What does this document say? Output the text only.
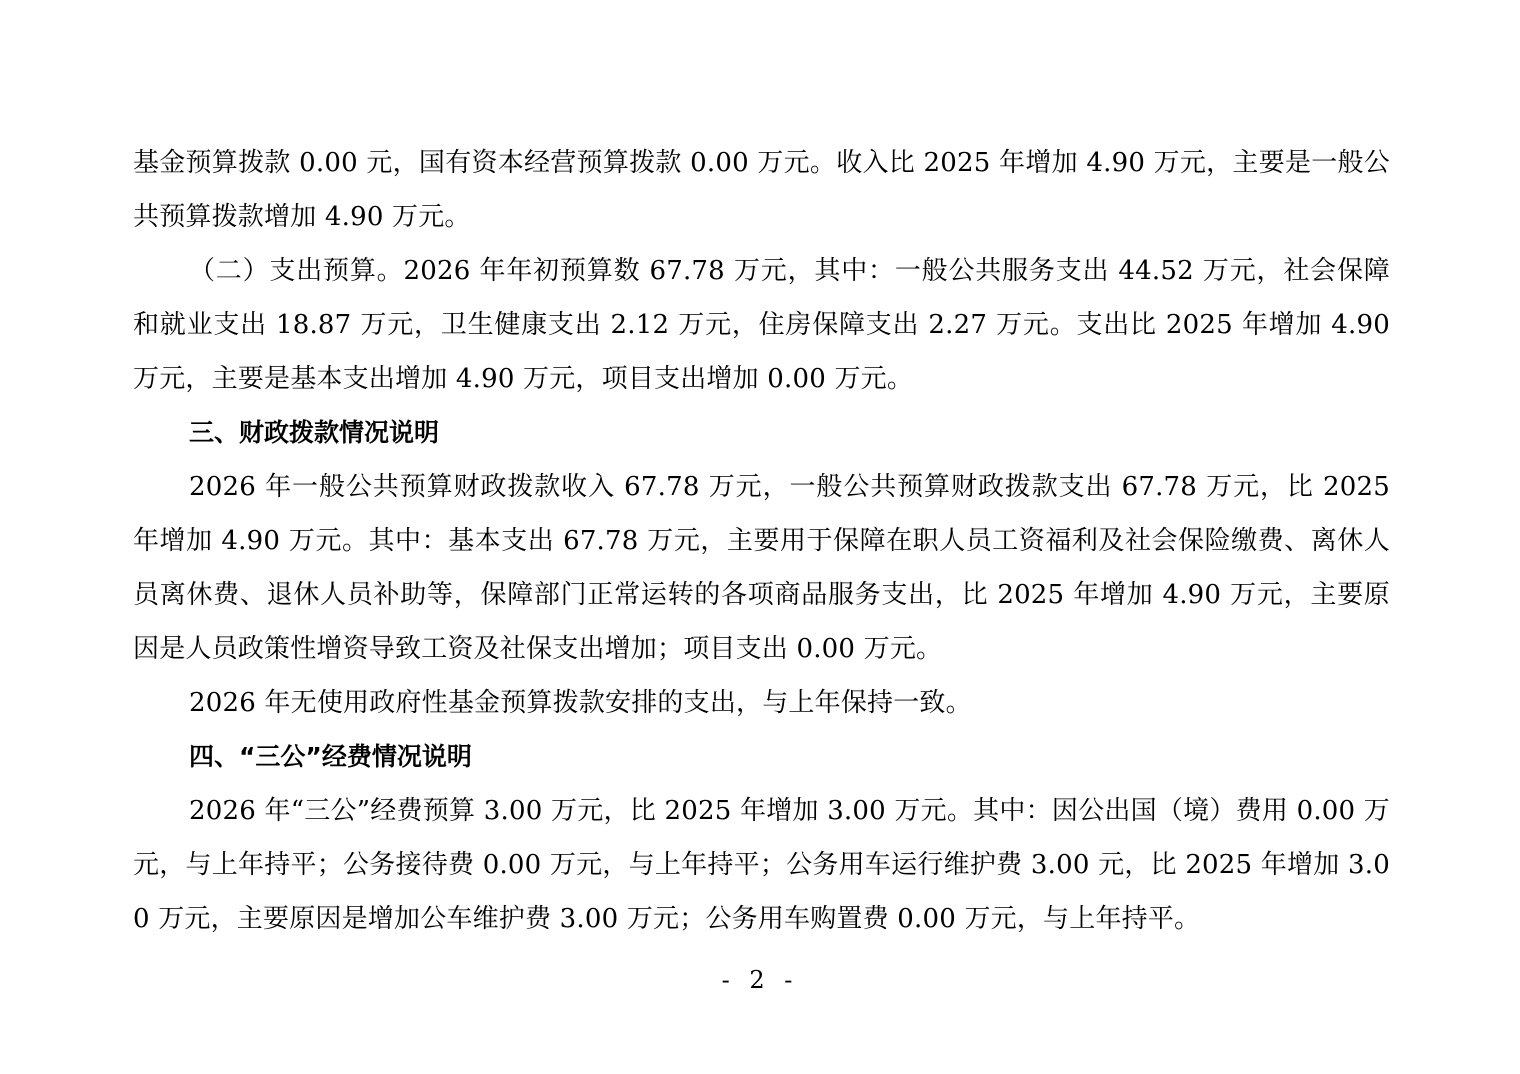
基金预算拨款 0.00 元，国有资本经营预算拨款 0.00 万元。收入比 2025 年增加 4.90 万元，主要是一般公共预算拨款增加 4.90 万元。

（二）支出预算。2026 年年初预算数 67.78 万元，其中：一般公共服务支出 44.52 万元，社会保障和就业支出 18.87 万元，卫生健康支出 2.12 万元，住房保障支出 2.27 万元。支出比 2025 年增加 4.90 万元，主要是基本支出增加 4.90 万元，项目支出增加 0.00 万元。

三、财政拨款情况说明

2026 年一般公共预算财政拨款收入 67.78 万元，一般公共预算财政拨款支出 67.78 万元，比 2025 年增加 4.90 万元。其中：基本支出 67.78 万元，主要用于保障在职人员工资福利及社会保险缴费、离休人员离休费、退休人员补助等，保障部门正常运转的各项商品服务支出，比 2025 年增加 4.90 万元，主要原因是人员政策性增资导致工资及社保支出增加；项目支出 0.00 万元。

2026 年无使用政府性基金预算拨款安排的支出，与上年保持一致。

四、“三公”经费情况说明

2026 年“三公”经费预算 3.00 万元，比 2025 年增加 3.00 万元。其中：因公出国（境）费用 0.00 万元，与上年持平；公务接待费 0.00 万元，与上年持平；公务用车运行维护费 3.00 元，比 2025 年增加 3.00 万元，主要原因是增加公车维护费 3.00 万元；公务用车购置费 0.00 万元，与上年持平。

- 2 -
